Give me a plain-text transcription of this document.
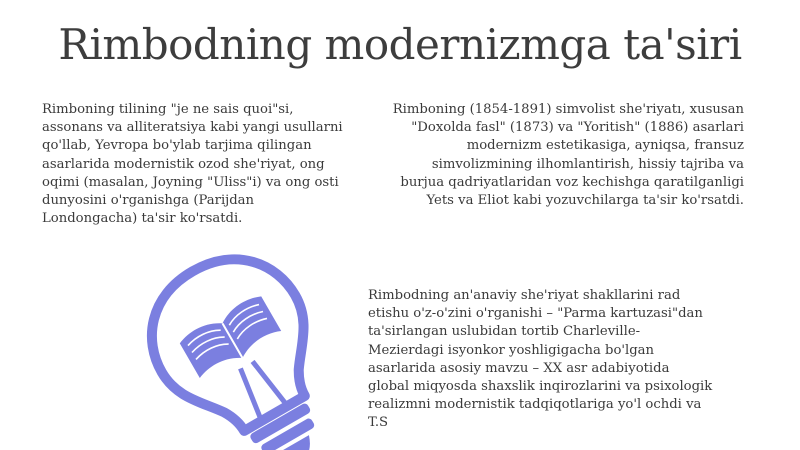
Rimbodning modernizmga ta'siri
Rimboning tilining "je ne sais quoi"si, assonans va alliteratsiya kabi yangi usullarni qo'llab, Yevropa bo'ylab tarjima qilingan asarlarida modernistik ozod she'riyat, ong oqimi (masalan, Joyning "Uliss"i) va ong osti dunyosini o'rganishga (Parijdan Londongacha) ta'sir ko'rsatdi.
Rimboning (1854-1891) simvolist she'riyatı, xususan "Doxolda fasl" (1873) va "Yoritish" (1886) asarlari modernizm estetikasiga, ayniqsa, fransuz simvolizmining ilhomlantirish, hissiy tajriba va burjua qadriyatlaridan voz kechishga qaratilganligi Yets va Eliot kabi yozuvchilarga ta'sir ko'rsatdi.
Rimbodning an'anaviy she'riyat shakllarini rad etishu o'z-o'zini o'rganishi – "Parma kartuzasi"dan ta'sirlangan uslubidan tortib Charleville-Mezierdagi isyonkor yoshligigacha bo'lgan asarlarida asosiy mavzu – XX asr adabiyotida global miqyosda shaxslik inqirozlarini va psixologik realizmni modernistik tadqiqotlariga yo'l ochdi va T.S
